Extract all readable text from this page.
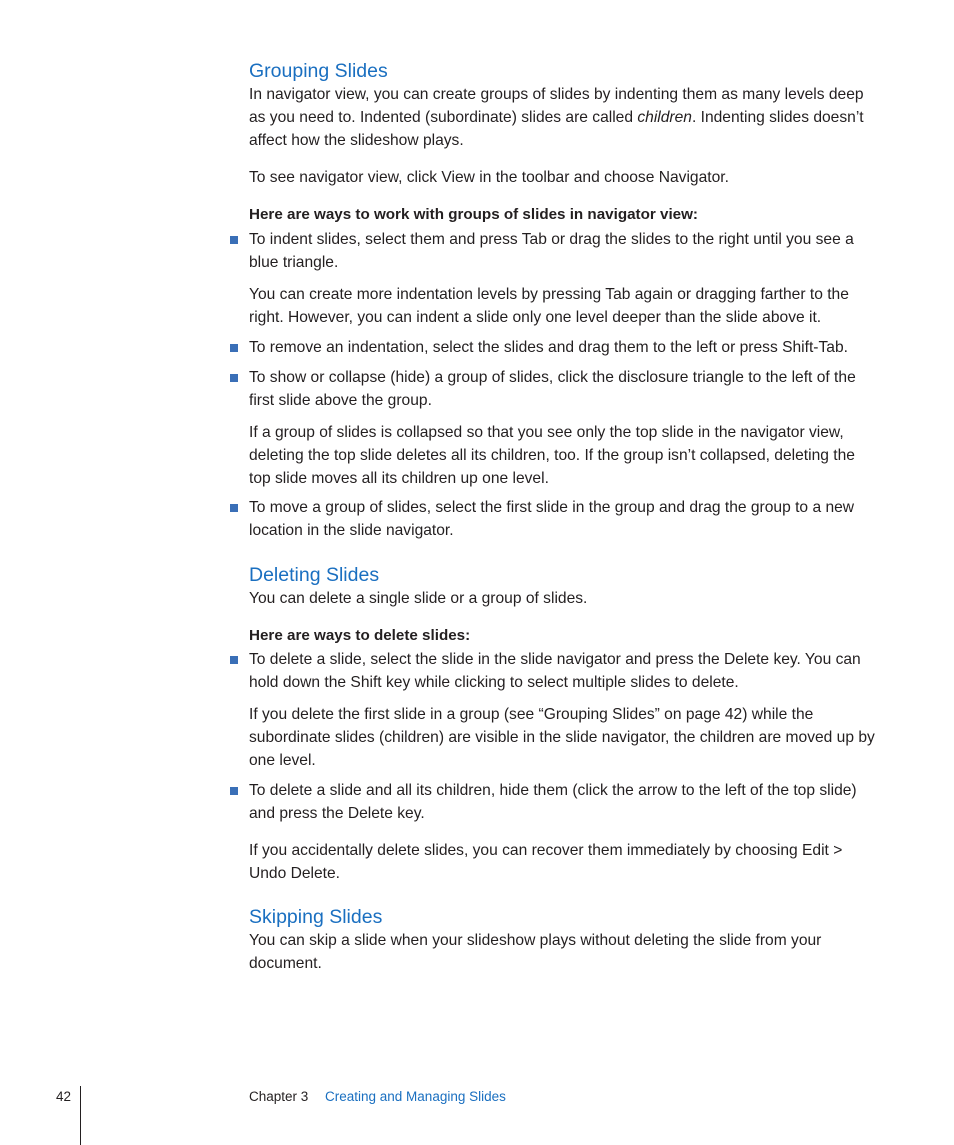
Grouping Slides

In navigator view, you can create groups of slides by indenting them as many levels deep as you need to. Indented (subordinate) slides are called children. Indenting slides doesn’t affect how the slideshow plays.

To see navigator view, click View in the toolbar and choose Navigator.

Here are ways to work with groups of slides in navigator view:

To indent slides, select them and press Tab or drag the slides to the right until you see a blue triangle.

You can create more indentation levels by pressing Tab again or dragging farther to the right. However, you can indent a slide only one level deeper than the slide above it.

To remove an indentation, select the slides and drag them to the left or press Shift-Tab.

To show or collapse (hide) a group of slides, click the disclosure triangle to the left of the first slide above the group.

If a group of slides is collapsed so that you see only the top slide in the navigator view, deleting the top slide deletes all its children, too. If the group isn’t collapsed, deleting the top slide moves all its children up one level.

To move a group of slides, select the first slide in the group and drag the group to a new location in the slide navigator.

Deleting Slides

You can delete a single slide or a group of slides.

Here are ways to delete slides:

To delete a slide, select the slide in the slide navigator and press the Delete key. You can hold down the Shift key while clicking to select multiple slides to delete.

If you delete the first slide in a group (see “Grouping Slides” on page 42) while the subordinate slides (children) are visible in the slide navigator, the children are moved up by one level.

To delete a slide and all its children, hide them (click the arrow to the left of the top slide) and press the Delete key.

If you accidentally delete slides, you can recover them immediately by choosing Edit > Undo Delete.

Skipping Slides

You can skip a slide when your slideshow plays without deleting the slide from your document.

42	Chapter 3 Creating and Managing Slides
